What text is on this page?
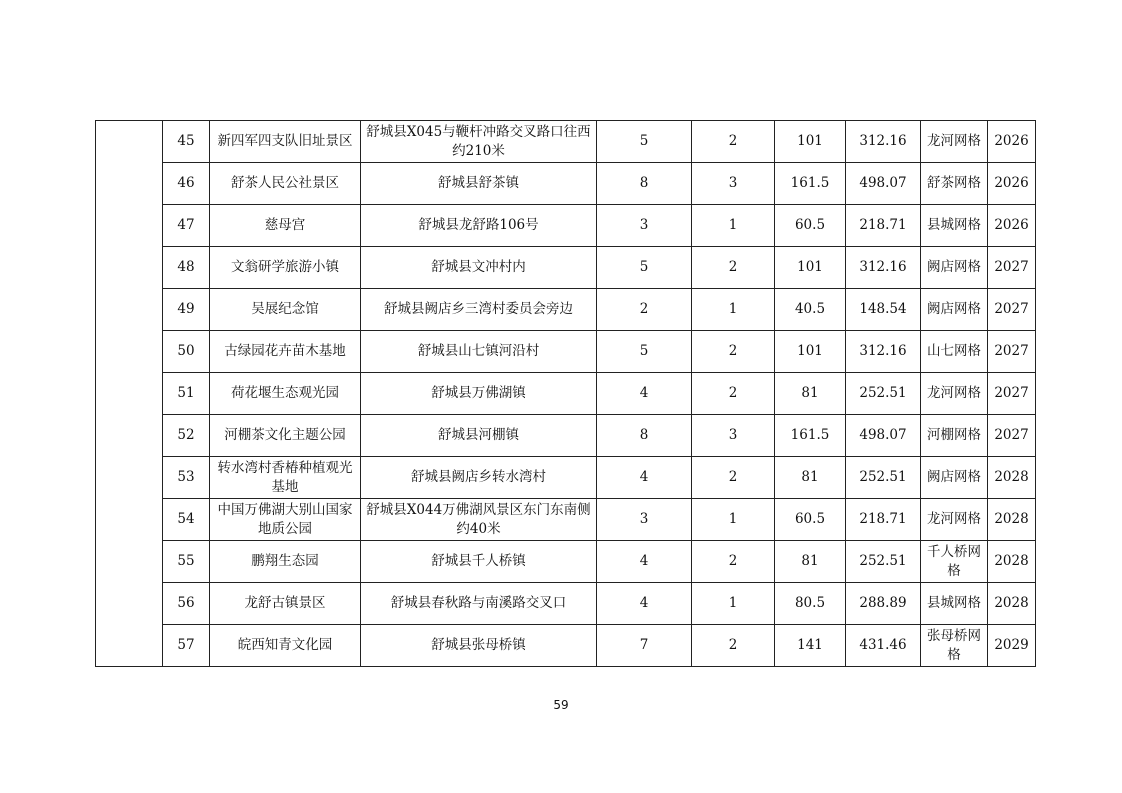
	45	新四军四支队旧址景区	舒城县X045与鞭杆冲路交叉路口往西约210米	5	2	101	312.16	龙河网格	2026
	46	舒茶人民公社景区	舒城县舒茶镇	8	3	161.5	498.07	舒茶网格	2026
	47	慈母宫	舒城县龙舒路106号	3	1	60.5	218.71	县城网格	2026
	48	文翁研学旅游小镇	舒城县文冲村内	5	2	101	312.16	阙店网格	2027
	49	吴展纪念馆	舒城县阙店乡三湾村委员会旁边	2	1	40.5	148.54	阙店网格	2027
	50	古绿园花卉苗木基地	舒城县山七镇河沿村	5	2	101	312.16	山七网格	2027
	51	荷花堰生态观光园	舒城县万佛湖镇	4	2	81	252.51	龙河网格	2027
	52	河棚茶文化主题公园	舒城县河棚镇	8	3	161.5	498.07	河棚网格	2027
	53	转水湾村香椿种植观光基地	舒城县阙店乡转水湾村	4	2	81	252.51	阙店网格	2028
	54	中国万佛湖大别山国家地质公园	舒城县X044万佛湖风景区东门东南侧约40米	3	1	60.5	218.71	龙河网格	2028
	55	鹏翔生态园	舒城县千人桥镇	4	2	81	252.51	千人桥网格	2028
	56	龙舒古镇景区	舒城县春秋路与南溪路交叉口	4	1	80.5	288.89	县城网格	2028
	57	皖西知青文化园	舒城县张母桥镇	7	2	141	431.46	张母桥网格	2029
59
